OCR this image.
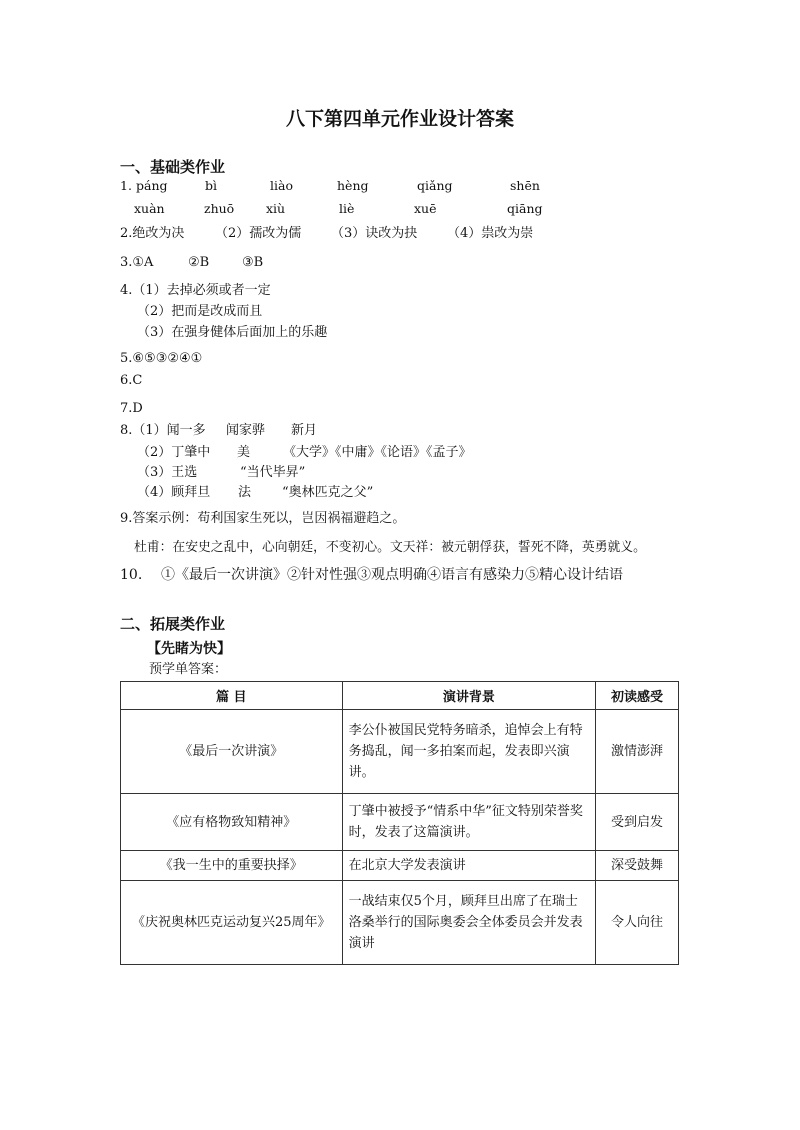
八下第四单元作业设计答案
一、基础类作业
1. páng	bì	liào	hèng	qiǎng	shēn
xuàn	zhuō	xiù	liè	xuē	qiāng
2.绝改为决 （2）孺改为儒 （3）诀改为抉 （4）祟改为崇
3.①A	②B	③B
4.（1）去掉必须或者一定
（2）把而是改成而且
（3）在强身健体后面加上的乐趣
5.⑥⑤③②④①
6.C
7.D
8.（1）闻一多 闻家骅 新月
（2）丁肇中 美	《大学》《中庸》《论语》《孟子》
（3）王选	“当代毕昇”
（4）顾拜旦 法 “奥林匹克之父”
9.答案示例：苟利国家生死以，岂因祸福避趋之。
杜甫：在安史之乱中，心向朝廷，不变初心。文天祥：被元朝俘获，誓死不降，英勇就义。
10. ①《最后一次讲演》②针对性强③观点明确④语言有感染力⑤精心设计结语
二、拓展类作业
【先睹为快】
预学单答案：
篇 目	演讲背景	初读感受
《最后一次讲演》	李公仆被国民党特务暗杀，追悼会上有特务捣乱，闻一多拍案而起，发表即兴演讲。	激情澎湃
《应有格物致知精神》	丁肇中被授予“情系中华”征文特别荣誉奖时，发表了这篇演讲。	受到启发
《我一生中的重要抉择》	在北京大学发表演讲	深受鼓舞
《庆祝奥林匹克运动复兴25周年》	一战结束仅5个月，顾拜旦出席了在瑞士洛桑举行的国际奥委会全体委员会并发表演讲	令人向往
